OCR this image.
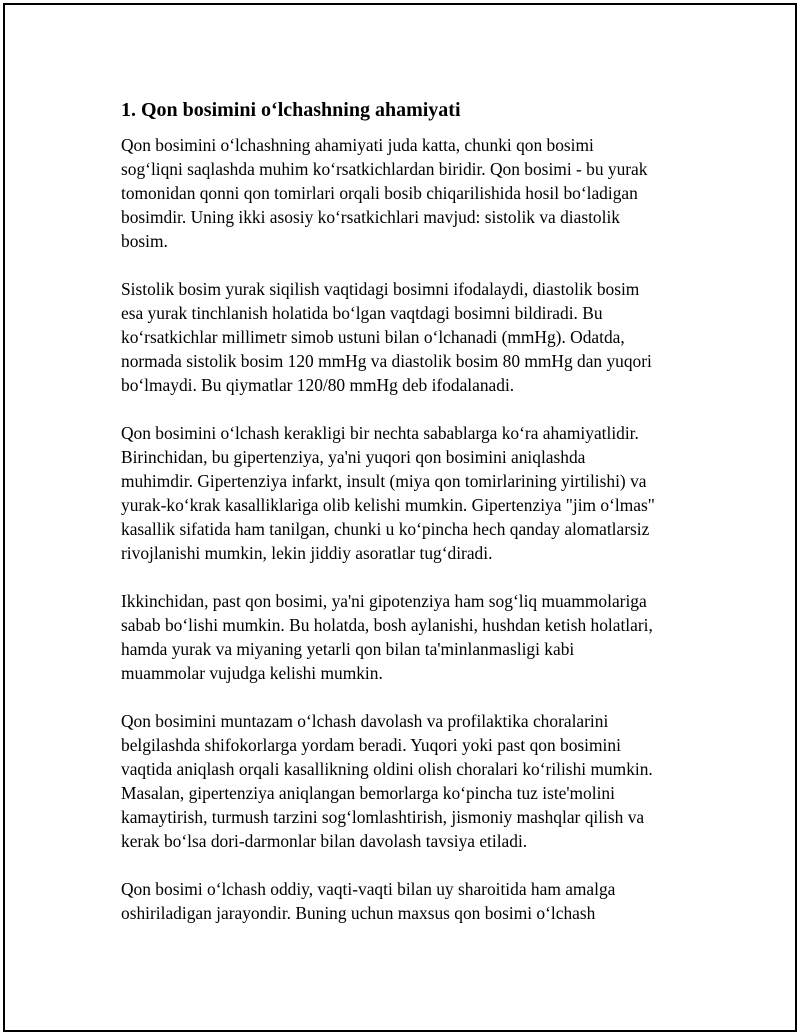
1. Qon bosimini o‘lchashning ahamiyati
Qon bosimini o‘lchashning ahamiyati juda katta, chunki qon bosimi
sog‘liqni saqlashda muhim ko‘rsatkichlardan biridir. Qon bosimi - bu yurak
tomonidan qonni qon tomirlari orqali bosib chiqarilishida hosil bo‘ladigan
bosimdir. Uning ikki asosiy ko‘rsatkichlari mavjud: sistolik va diastolik
bosim.
Sistolik bosim yurak siqilish vaqtidagi bosimni ifodalaydi, diastolik bosim
esa yurak tinchlanish holatida bo‘lgan vaqtdagi bosimni bildiradi. Bu
ko‘rsatkichlar millimetr simob ustuni bilan o‘lchanadi (mmHg). Odatda,
normada sistolik bosim 120 mmHg va diastolik bosim 80 mmHg dan yuqori
bo‘lmaydi. Bu qiymatlar 120/80 mmHg deb ifodalanadi.
Qon bosimini o‘lchash kerakligi bir nechta sabablarga ko‘ra ahamiyatlidir.
Birinchidan, bu gipertenziya, ya'ni yuqori qon bosimini aniqlashda
muhimdir. Gipertenziya infarkt, insult (miya qon tomirlarining yirtilishi) va
yurak-ko‘krak kasalliklariga olib kelishi mumkin. Gipertenziya "jim o‘lmas"
kasallik sifatida ham tanilgan, chunki u ko‘pincha hech qanday alomatlarsiz
rivojlanishi mumkin, lekin jiddiy asoratlar tug‘diradi.
Ikkinchidan, past qon bosimi, ya'ni gipotenziya ham sog‘liq muammolariga
sabab bo‘lishi mumkin. Bu holatda, bosh aylanishi, hushdan ketish holatlari,
hamda yurak va miyaning yetarli qon bilan ta'minlanmasligi kabi
muammolar vujudga kelishi mumkin.
Qon bosimini muntazam o‘lchash davolash va profilaktika choralarini
belgilashda shifokorlarga yordam beradi. Yuqori yoki past qon bosimini
vaqtida aniqlash orqali kasallikning oldini olish choralari ko‘rilishi mumkin.
Masalan, gipertenziya aniqlangan bemorlarga ko‘pincha tuz iste'molini
kamaytirish, turmush tarzini sog‘lomlashtirish, jismoniy mashqlar qilish va
kerak bo‘lsa dori-darmonlar bilan davolash tavsiya etiladi.
Qon bosimi o‘lchash oddiy, vaqti-vaqti bilan uy sharoitida ham amalga
oshiriladigan jarayondir. Buning uchun maxsus qon bosimi o‘lchash
